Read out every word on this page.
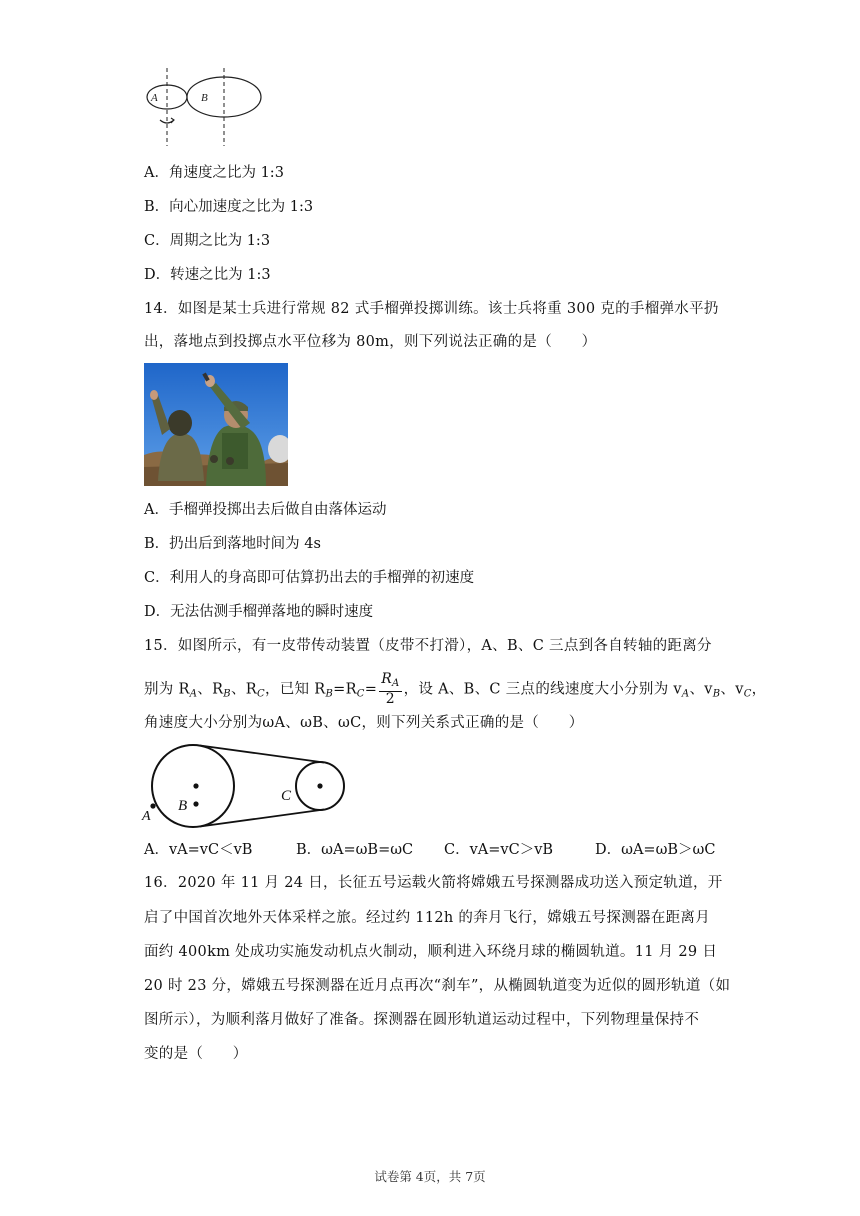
A	B
A．角速度之比为 1:3
B．向心加速度之比为 1:3
C．周期之比为 1:3
D．转速之比为 1:3
14．如图是某士兵进行常规 82 式手榴弹投掷训练。该士兵将重 300 克的手榴弹水平扔
出，落地点到投掷点水平位移为 80m，则下列说法正确的是（　　）
A．手榴弹投掷出去后做自由落体运动
B．扔出后到落地时间为 4s
C．利用人的身高即可估算扔出去的手榴弹的初速度
D．无法估测手榴弹落地的瞬时速度
15．如图所示，有一皮带传动装置（皮带不打滑），A、B、C 三点到各自转轴的距离分
别为 $R_A$、$R_B$、$R_C$，已知 $R_B=R_C= \frac{R_A}{2}$ ，设 A、B、C 三点的线速度大小分别为 $v_A$、$v_B$、$v_C$，
角速度大小分别为ωA、ωB、ωC，则下列关系式正确的是（　　）
A
B
C
A．vA=vC＜vB	B．ωA=ωB=ωC C．vA=vC＞vB	D．ωA=ωB＞ωC
16．2020 年 11 月 24 日，长征五号运载火箭将嫦娥五号探测器成功送入预定轨道，开
启了中国首次地外天体采样之旅。经过约 112h 的奔月飞行，嫦娥五号探测器在距离月
面约 400km 处成功实施发动机点火制动，顺利进入环绕月球的椭圆轨道。11 月 29 日
20 时 23 分，嫦娥五号探测器在近月点再次“刹车”，从椭圆轨道变为近似的圆形轨道（如
图所示），为顺利落月做好了准备。探测器在圆形轨道运动过程中，下列物理量保持不
变的是（　　）
试卷第 4页，共 7页
